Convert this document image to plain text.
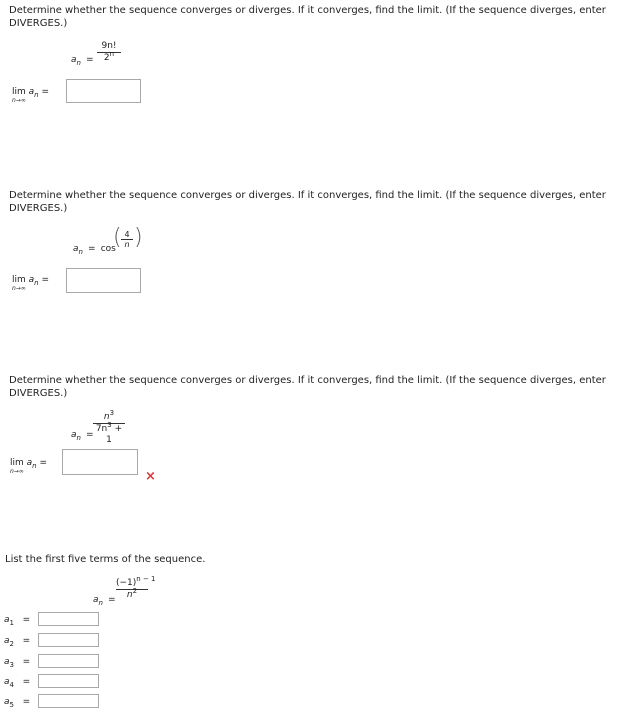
Determine whether the sequence converges or diverges. If it converges, find the limit. (If the sequence diverges, enter DIVERGES.)
an =
9n!
2$^n$
$\lim a_n$ =
n→∞
Determine whether the sequence converges or diverges. If it converges, find the limit. (If the sequence diverges, enter DIVERGES.)
an = cos
( 4
n )
$\lim a_n$ =
n→∞
Determine whether the sequence converges or diverges. If it converges, find the limit. (If the sequence diverges, enter DIVERGES.)
an =
$n^3$
$7n^3 + 1$
$\lim a_n$ =
n→∞	×
List the first five terms of the sequence.
an =
$(-1)^{n - 1}$
$n^2$
$a_1$ =
$a_2$ =
$a_3$ =
$a_4$ =
$a_5$ =
